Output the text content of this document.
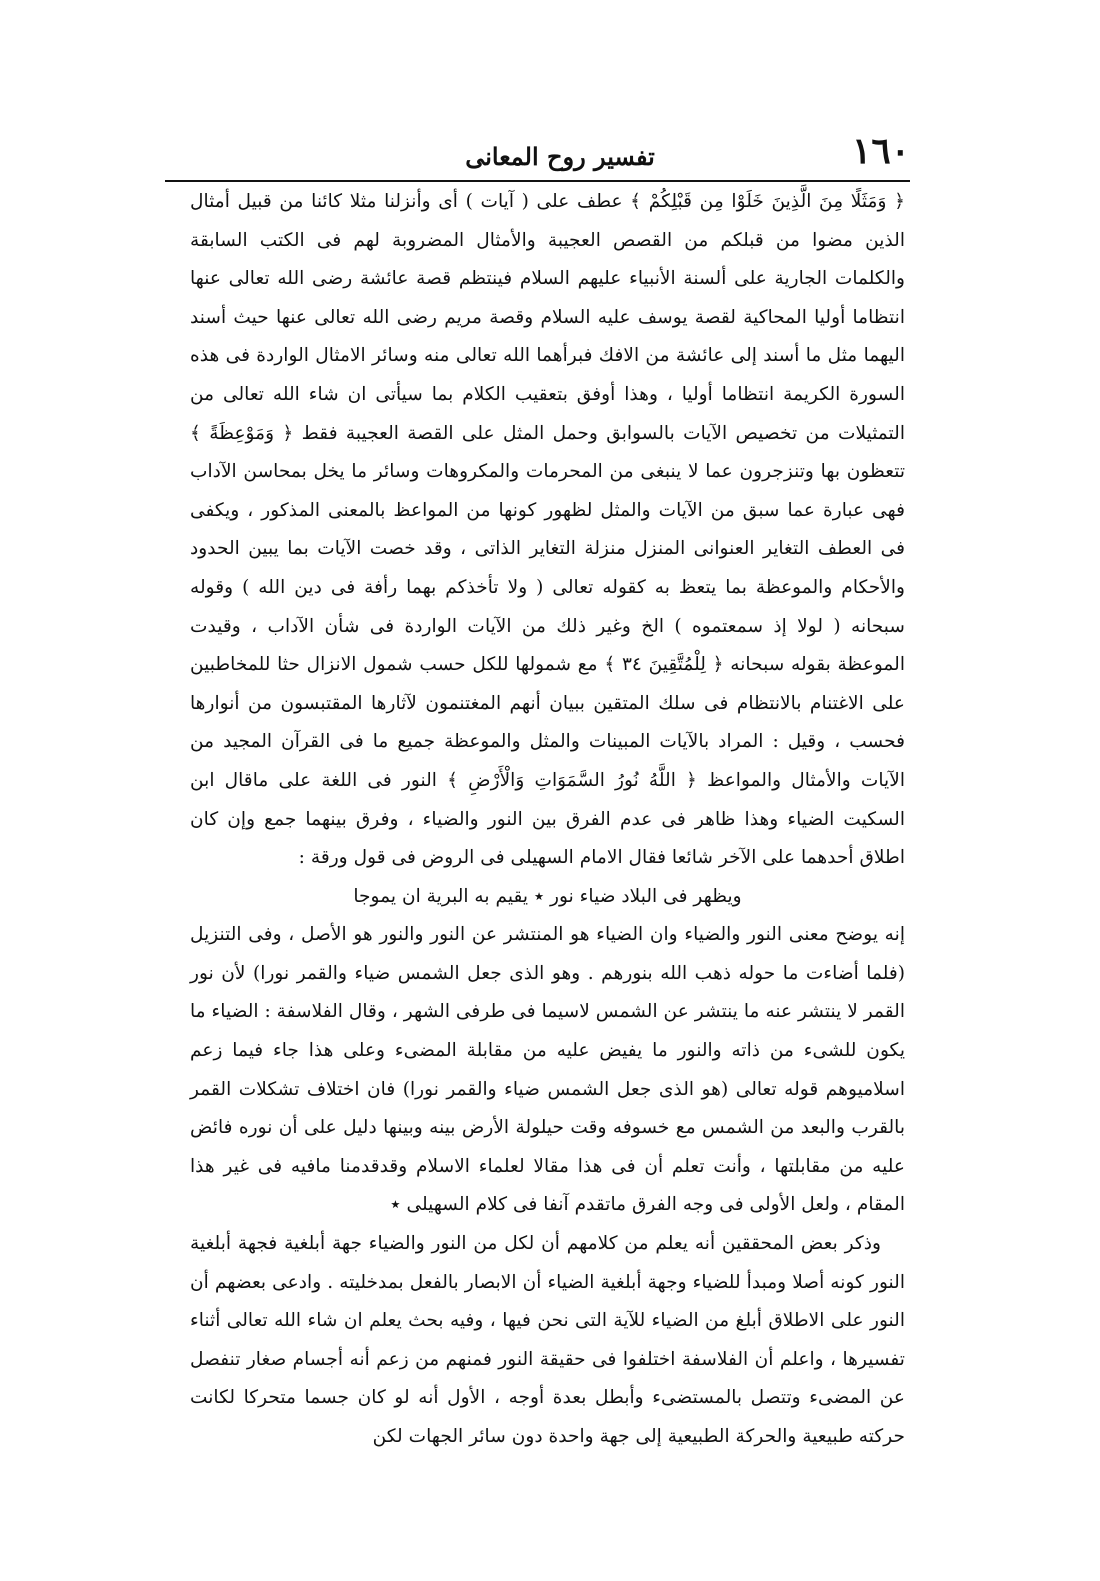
١٦٠
تفسير روح المعانى

﴿ وَمَثَلًا مِنَ الَّذِينَ خَلَوْا مِن قَبْلِكُمْ ﴾ عطف على ( آيات ) أى وأنزلنا مثلا كائنا من قبيل أمثال الذين مضوا من قبلكم من القصص العجيبة والأمثال المضروبة لهم فى الكتب السابقة والكلمات الجارية على ألسنة الأنبياء عليهم السلام فينتظم قصة عائشة رضى الله تعالى عنها انتظاما أوليا المحاكية لقصة يوسف عليه السلام وقصة مريم رضى الله تعالى عنها حيث أسند اليهما مثل ما أسند إلى عائشة من الافك فبرأهما الله تعالى منه وسائر الامثال الواردة فى هذه السورة الكريمة انتظاما أوليا ، وهذا أوفق بتعقيب الكلام بما سيأتى ان شاء الله تعالى من التمثيلات من تخصيص الآيات بالسوابق وحمل المثل على القصة العجيبة فقط ﴿ وَمَوْعِظَةً ﴾ تتعظون بها وتنزجرون عما لا ينبغى من المحرمات والمكروهات وسائر ما يخل بمحاسن الآداب فهى عبارة عما سبق من الآيات والمثل لظهور كونها من المواعظ بالمعنى المذكور ، ويكفى فى العطف التغاير العنوانى المنزل منزلة التغاير الذاتى ، وقد خصت الآيات بما يبين الحدود والأحكام والموعظة بما يتعظ به كقوله تعالى ( ولا تأخذكم بهما رأفة فى دين الله ) وقوله سبحانه ( لولا إذ سمعتموه ) الخ وغير ذلك من الآيات الواردة فى شأن الآداب ، وقيدت الموعظة بقوله سبحانه ﴿ لِلْمُتَّقِينَ ٣٤ ﴾ مع شمولها للكل حسب شمول الانزال حثا للمخاطبين على الاغتنام بالانتظام فى سلك المتقين ببيان أنهم المغتنمون لآثارها المقتبسون من أنوارها فحسب ، وقيل : المراد بالآيات المبينات والمثل والموعظة جميع ما فى القرآن المجيد من الآيات والأمثال والمواعظ ﴿ اللَّهُ نُورُ السَّمَوَاتِ وَالْأَرْضِ ﴾ النور فى اللغة على ماقال ابن السكيت الضياء وهذا ظاهر فى عدم الفرق بين النور والضياء ، وفرق بينهما جمع وإن كان اطلاق أحدهما على الآخر شائعا فقال الامام السهيلى فى الروض فى قول ورقة :

ويظهر فى البلاد ضياء نور ٭ يقيم به البرية ان يموجا

إنه يوضح معنى النور والضياء وان الضياء هو المنتشر عن النور والنور هو الأصل ، وفى التنزيل (فلما أضاءت ما حوله ذهب الله بنورهم . وهو الذى جعل الشمس ضياء والقمر نورا) لأن نور القمر لا ينتشر عنه ما ينتشر عن الشمس لاسيما فى طرفى الشهر ، وقال الفلاسفة : الضياء ما يكون للشىء من ذاته والنور ما يفيض عليه من مقابلة المضىء وعلى هذا جاء فيما زعم اسلاميوهم قوله تعالى (هو الذى جعل الشمس ضياء والقمر نورا) فان اختلاف تشكلات القمر بالقرب والبعد من الشمس مع خسوفه وقت حيلولة الأرض بينه وبينها دليل على أن نوره فائض عليه من مقابلتها ، وأنت تعلم أن فى هذا مقالا لعلماء الاسلام وقدقدمنا مافيه فى غير هذا المقام ، ولعل الأولى فى وجه الفرق ماتقدم آنفا فى كلام السهيلى ٭

وذكر بعض المحققين أنه يعلم من كلامهم أن لكل من النور والضياء جهة أبلغية فجهة أبلغية النور كونه أصلا ومبدأ للضياء وجهة أبلغية الضياء أن الابصار بالفعل بمدخليته . وادعى بعضهم أن النور على الاطلاق أبلغ من الضياء للآية التى نحن فيها ، وفيه بحث يعلم ان شاء الله تعالى أثناء تفسيرها ، واعلم أن الفلاسفة اختلفوا فى حقيقة النور فمنهم من زعم أنه أجسام صغار تنفصل عن المضىء وتتصل بالمستضىء وأبطل بعدة أوجه ، الأول أنه لو كان جسما متحركا لكانت حركته طبيعية والحركة الطبيعية إلى جهة واحدة دون سائر الجهات لكن
